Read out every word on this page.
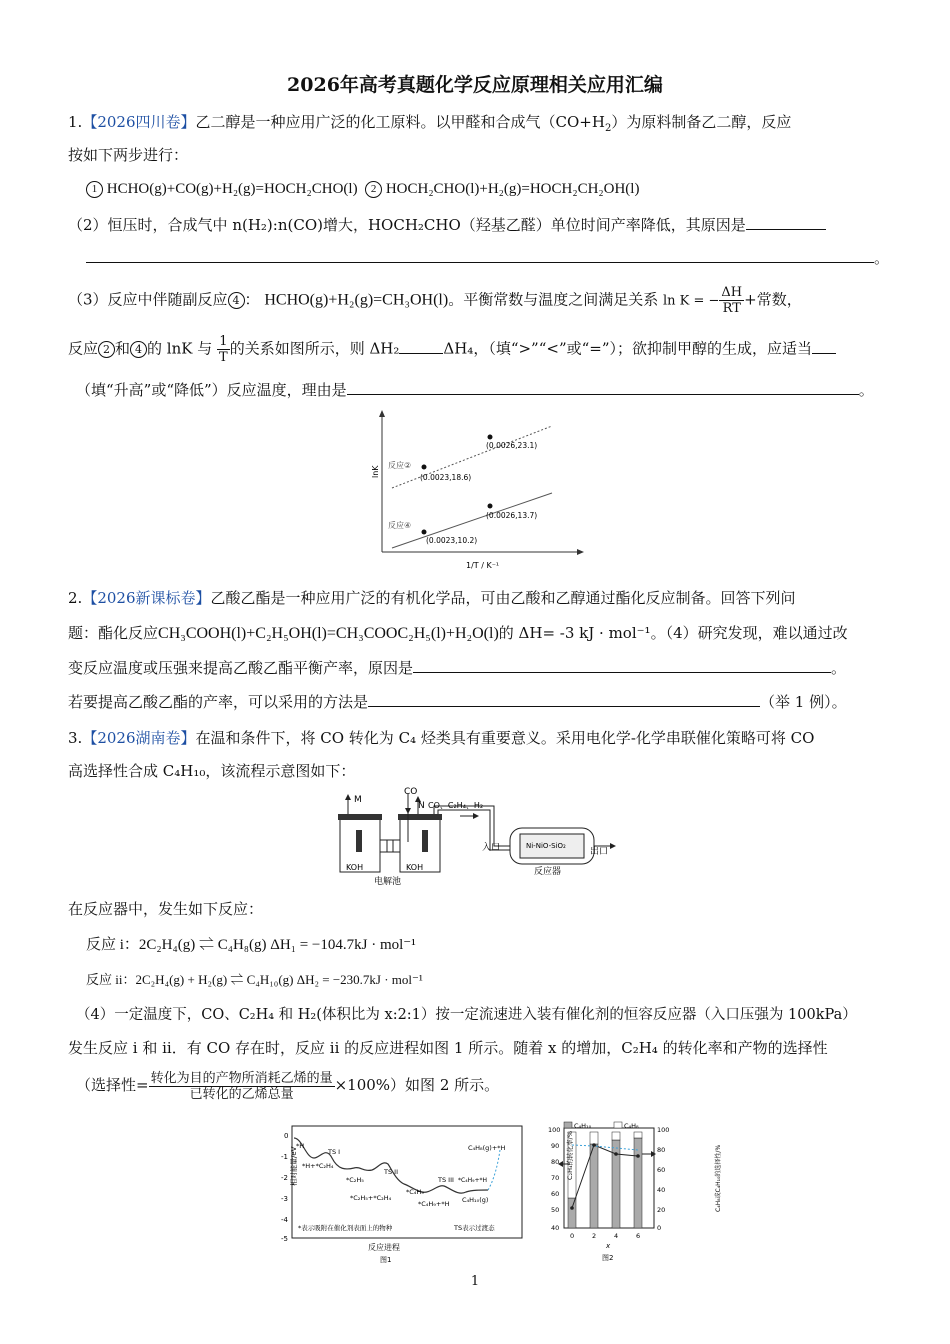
2026年高考真题化学反应原理相关应用汇编
1.【2026四川卷】乙二醇是一种应用广泛的化工原料。以甲醛和合成气$(CO+H_2)$为原料制备乙二醇，反应
按如下两步进行：
1 HCHO(g)+CO(g)+H₂(g)=HOCH₂CHO(l) 2 HOCH₂CHO(l)+H₂(g)=HOCH₂CH₂OH(l)
（2）恒压时，合成气中 n(H₂):n(CO)增大，HOCH₂CHO（羟基乙醛）单位时间产率降低，其原因是
。
（3）反应中伴随副反应 4 ： HCHO(g)+H₂(g)=CH₃OH(l)。平衡常数与温度之间满足关系 ln K = − $\frac{\Delta H}{RT}$ +常数，
反应 2 和 4 的 lnK 与 $\frac{1}{T}$ 的关系如图所示，则 ΔH₂	ΔH₄，（填“>”“<”或“=”）；欲抑制甲醇的生成，应适当
（填“升高”或“降低”）反应温度，理由是	。
lnK 反应②
反应④
(0.0026,23.1)
(0.0023,18.6)
(0.0026,13.7)
(0.0023,10.2)
1/T / K⁻¹
2.【2026新课标卷】乙酸乙酯是一种应用广泛的有机化学品，可由乙酸和乙醇通过酯化反应制备。回答下列问
题：酯化反应CH₃COOH(l)+C₂H₅OH(l)=CH₃COOC₂H₅(l)+H₂O(l)的 ΔH= -3 kJ · mol⁻¹。（4）研究发现，难以通过改
变反应温度或压强来提高乙酸乙酯平衡产率，原因是	。
若要提高乙酸乙酯的产率，可以采用的方法是	（举 1 例）。
3.【2026湖南卷】在温和条件下，将 CO 转化为 C₄ 烃类具有重要意义。采用电化学-化学串联催化策略可将 CO
高选择性合成 C₄H₁₀，该流程示意图如下：
M
CO
N CO、C₂H₄、H₂
Ni-NiO-SiO₂
入口
反应器
出口
KOH	KOH
电解池
在反应器中，发生如下反应：
反应 i：2C₂H₄(g) ⇌ C₄H₈(g) ΔH₁ = −104.7kJ · mol⁻¹
反应 ii：2C₂H₄(g) + H₂(g) ⇌ C₄H₁₀(g) ΔH₂ = −230.7kJ · mol⁻¹
（4）一定温度下，CO、C₂H₄ 和 H₂(体积比为 x:2:1）按一定流速进入装有催化剂的恒容反应器（入口压强为 100kPa）
发生反应 i 和 ii．有 CO 存在时，反应 ii 的反应进程如图 1 所示。随着 x 的增加，C₂H₄ 的转化率和产物的选择性
（选择性= $\frac{\text{转化为目的产物所消耗乙烯的量}}{\text{已转化的乙烯总量}} \times 100\%$）如图 2 所示。
相对能量/eV
0
-1
-2
-3
-4
-5
*H
TS I
*H+*C₂H₄
*C₂H₅
TS II
*C₂H₅+*C₂H₄
*C₄H₉
TS III *C₄H₉+*H
*C₄H₉+*H C₄H₁₀(g)
C₄H₈(g)+*H
*表示吸附在催化剂表面上的物种	TS表示过渡态
反应进程
图1
C₄H₁₀	C₄H₈
100
90
80
70
60
50
40
100
80
60
40
20
0
0	2	4	6
C₂H₄的转化率/%	C₄H₈或C₄H₁₀的选择性/%
x
图2
1
